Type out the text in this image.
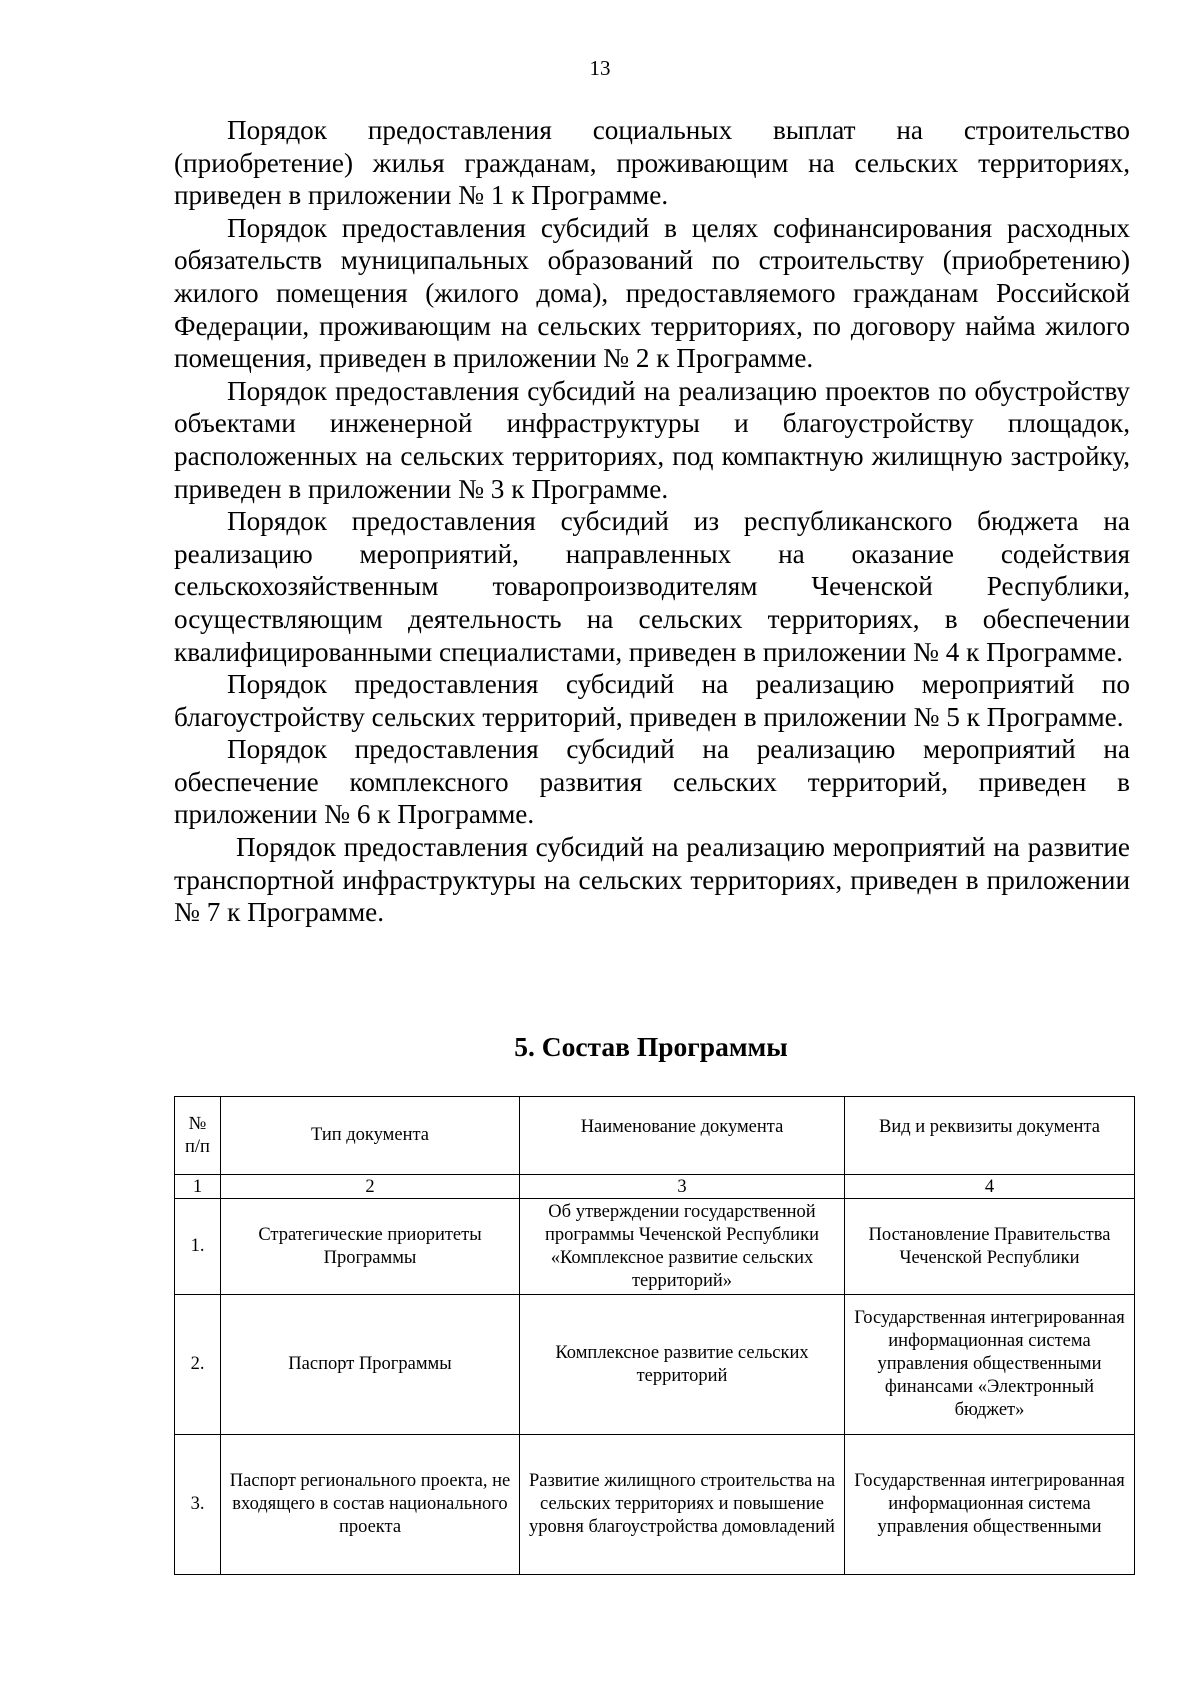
13

Порядок предоставления социальных выплат на строительство (приобретение) жилья гражданам, проживающим на сельских территориях, приведен в приложении № 1 к Программе.

Порядок предоставления субсидий в целях софинансирования расходных обязательств муниципальных образований по строительству (приобретению) жилого помещения (жилого дома), предоставляемого гражданам Российской Федерации, проживающим на сельских территориях, по договору найма жилого помещения, приведен в приложении № 2 к Программе.

Порядок предоставления субсидий на реализацию проектов по обустройству объектами инженерной инфраструктуры и благоустройству площадок, расположенных на сельских территориях, под компактную жилищную застройку, приведен в приложении № 3 к Программе.

Порядок предоставления субсидий из республиканского бюджета на реализацию мероприятий, направленных на оказание содействия сельскохозяйственным товаропроизводителям Чеченской Республики, осуществляющим деятельность на сельских территориях, в обеспечении квалифицированными специалистами, приведен в приложении № 4 к Программе.

Порядок предоставления субсидий на реализацию мероприятий по благоустройству сельских территорий, приведен в приложении № 5 к Программе.

Порядок предоставления субсидий на реализацию мероприятий на обеспечение комплексного развития сельских территорий, приведен в приложении № 6 к Программе.

Порядок предоставления субсидий на реализацию мероприятий на развитие транспортной инфраструктуры на сельских территориях, приведен в приложении № 7 к Программе.

5. Состав Программы
№ п/п	Тип документа	Наименование документа	Вид и реквизиты документа
1	2	3	4
1.	Стратегические приоритеты Программы	Об утверждении государственной программы Чеченской Республики «Комплексное развитие сельских территорий»	Постановление Правительства Чеченской Республики
2.	Паспорт Программы	Комплексное развитие сельских территорий	Государственная интегрированная информационная система управления общественными финансами «Электронный бюджет»
3.	Паспорт регионального проекта, не входящего в состав национального проекта	Развитие жилищного строительства на сельских территориях и повышение уровня благоустройства домовладений	Государственная интегрированная информационная система управления общественными
